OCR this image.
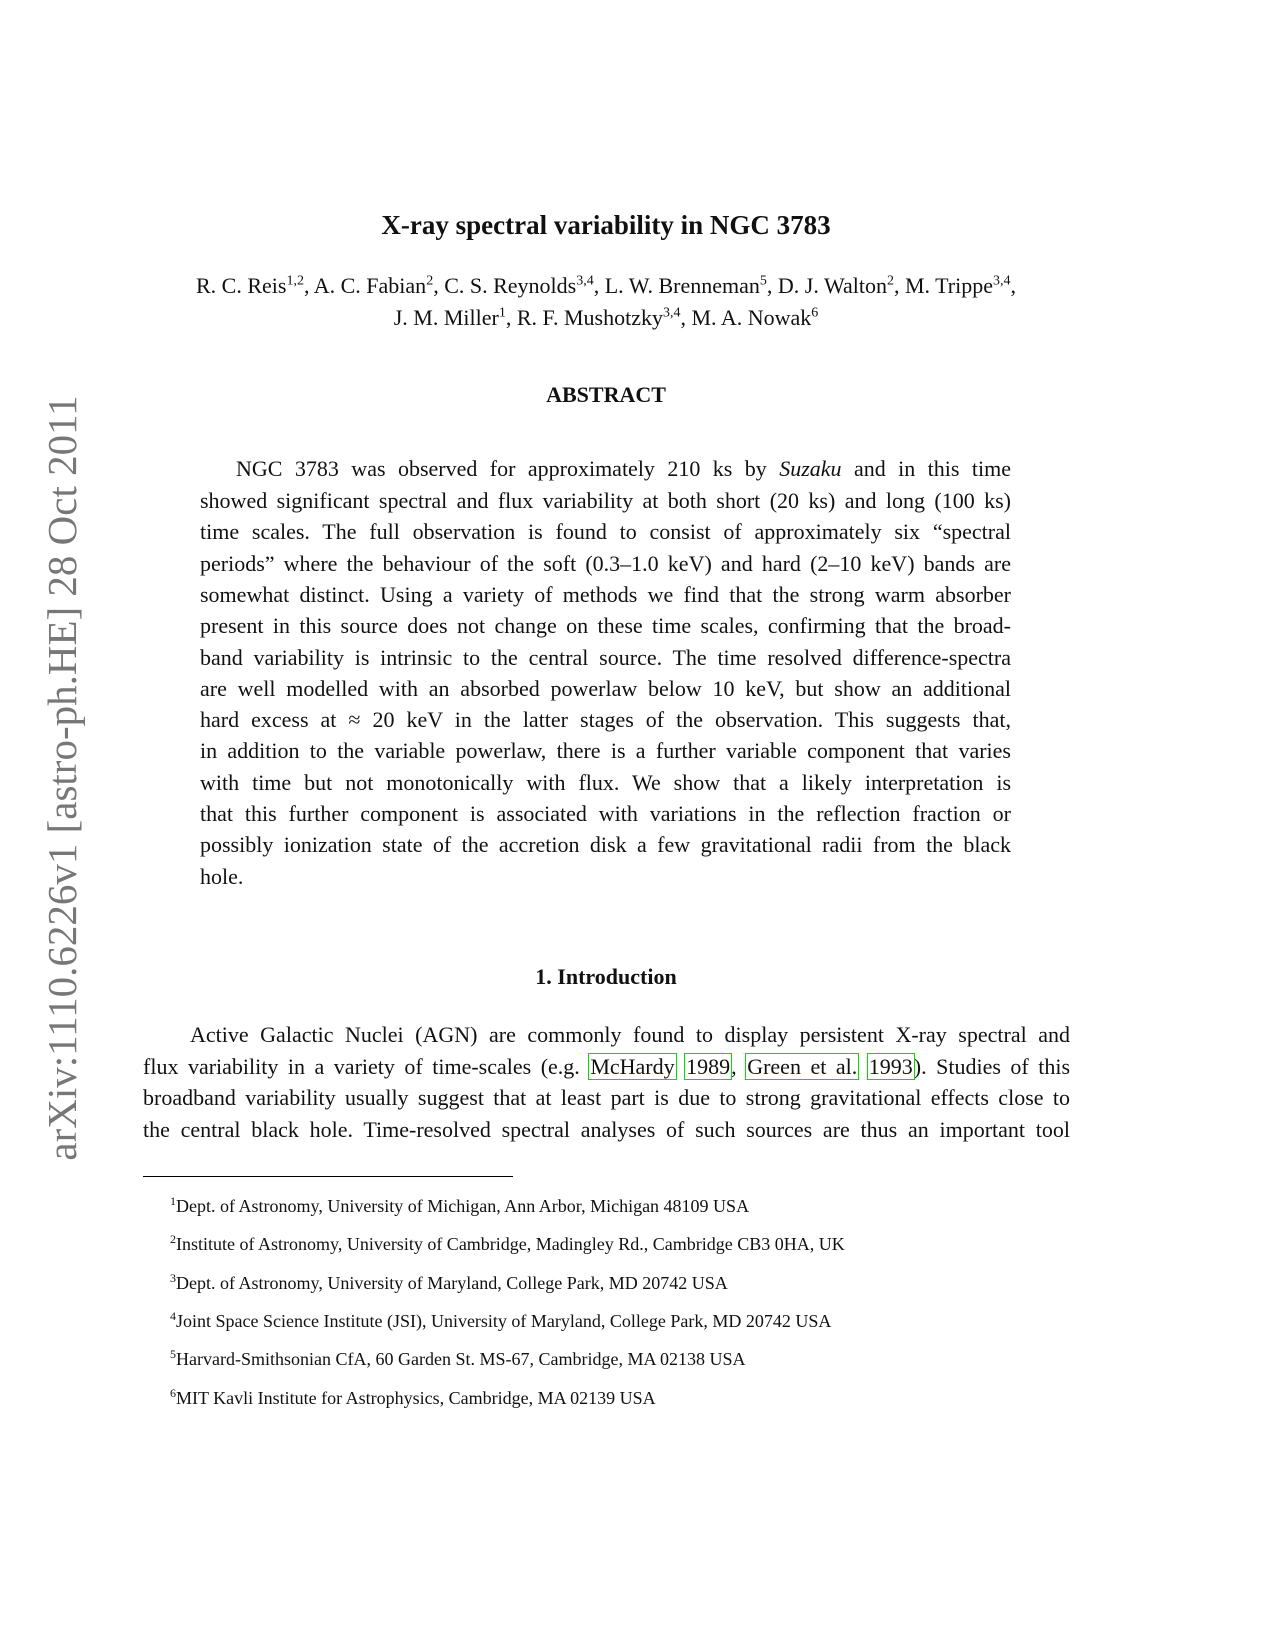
arXiv:1110.6226v1 [astro-ph.HE] 28 Oct 2011
X-ray spectral variability in NGC 3783
R. C. Reis$^{1,2}$, A. C. Fabian$^2$, C. S. Reynolds$^{3,4}$, L. W. Brenneman$^5$, D. J. Walton$^2$, M. Trippe$^{3,4}$,
J. M. Miller$^1$, R. F. Mushotzky$^{3,4}$, M. A. Nowak$^6$
ABSTRACT
NGC 3783 was observed for approximately 210 ks by Suzaku and in this time
showed significant spectral and flux variability at both short (20 ks) and long (100 ks)
time scales. The full observation is found to consist of approximately six “spectral
periods” where the behaviour of the soft (0.3–1.0 keV) and hard (2–10 keV) bands are
somewhat distinct. Using a variety of methods we find that the strong warm absorber
present in this source does not change on these time scales, confirming that the broad-
band variability is intrinsic to the central source. The time resolved difference-spectra
are well modelled with an absorbed powerlaw below 10 keV, but show an additional
hard excess at ≈ 20 keV in the latter stages of the observation. This suggests that,
in addition to the variable powerlaw, there is a further variable component that varies
with time but not monotonically with flux. We show that a likely interpretation is
that this further component is associated with variations in the reflection fraction or
possibly ionization state of the accretion disk a few gravitational radii from the black
hole.
1. Introduction
Active Galactic Nuclei (AGN) are commonly found to display persistent X-ray spectral and
flux variability in a variety of time-scales (e.g. McHardy 1989, Green et al. 1993). Studies of this
broadband variability usually suggest that at least part is due to strong gravitational effects close to
the central black hole. Time-resolved spectral analyses of such sources are thus an important tool
$^1$Dept. of Astronomy, University of Michigan, Ann Arbor, Michigan 48109 USA
$^2$Institute of Astronomy, University of Cambridge, Madingley Rd., Cambridge CB3 0HA, UK
$^3$Dept. of Astronomy, University of Maryland, College Park, MD 20742 USA
$^4$Joint Space Science Institute (JSI), University of Maryland, College Park, MD 20742 USA
$^5$Harvard-Smithsonian CfA, 60 Garden St. MS-67, Cambridge, MA 02138 USA
$^6$MIT Kavli Institute for Astrophysics, Cambridge, MA 02139 USA
